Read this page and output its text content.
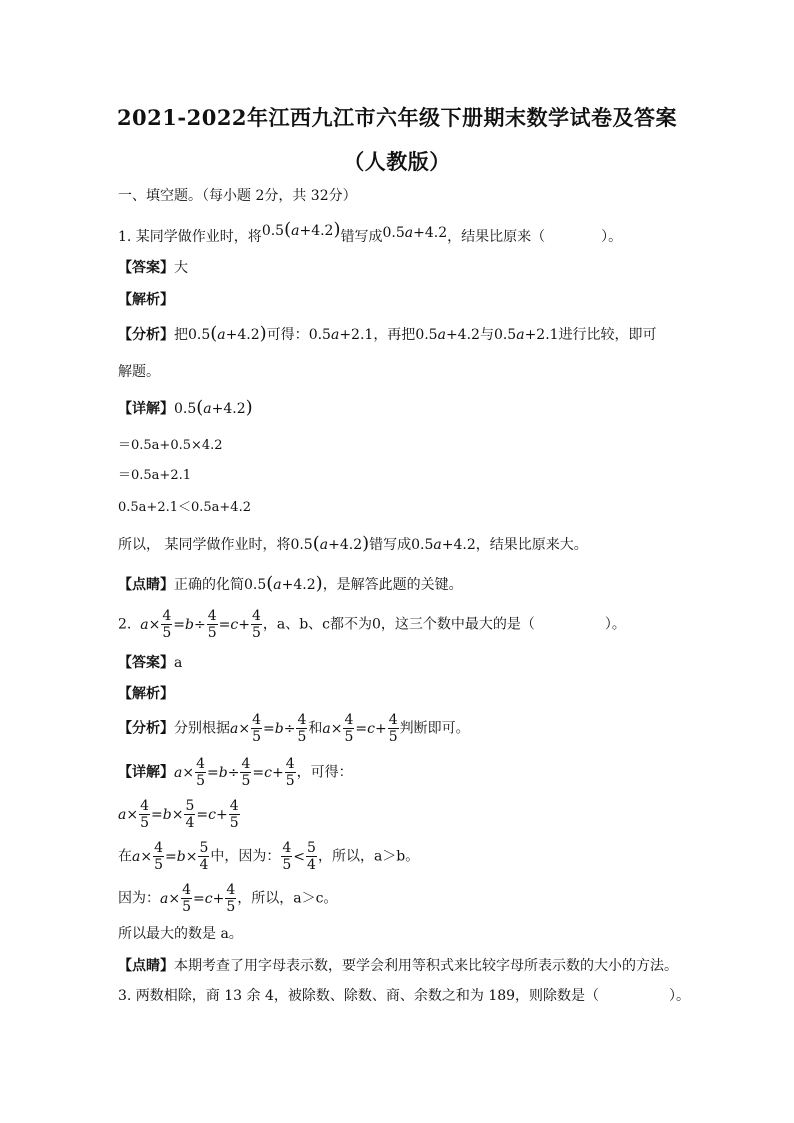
2021-2022年江西九江市六年级下册期末数学试卷及答案
（人教版）
一、填空题。（每小题 2分，共 32分）
1. 某同学做作业时，将0.5(a+4.2)错写成0.5a+4.2，结果比原来（　　　　）。
【答案】大
【解析】
【分析】把0.5(a+4.2)可得：0.5a+2.1，再把0.5a+4.2与0.5a+2.1进行比较，即可
解题。
【详解】0.5(a+4.2)
＝0.5a+0.5×4.2
＝0.5a+2.1
0.5a+2.1＜0.5a+4.2
所以， 某同学做作业时，将0.5(a+4.2)错写成0.5a+4.2，结果比原来大。
【点睛】正确的化简0.5(a+4.2)，是解答此题的关键。
2. $a\times \frac{4}{5} =b\div \frac{4}{5} =c+ \frac{4}{5}$ ，a、b、c都不为0，这三个数中最大的是（　　　　　）。
【答案】a
【解析】
【分析】分别根据$a\times \frac{4}{5} =b\div \frac{4}{5}$ 和$a\times \frac{4}{5} =c+ \frac{4}{5}$ 判断即可。
【详解】$a\times \frac{4}{5} =b\div \frac{4}{5} =c+ \frac{4}{5}$ ，可得：
$a\times \frac{4}{5} =b\times \frac{5}{4} =c+ \frac{4}{5}$
在$a\times \frac{4}{5} =b\times \frac{5}{4}$ 中，因为： $\frac{4}{5} < \frac{5}{4}$ ，所以，a＞b。
因为：$a\times \frac{4}{5} =c+ \frac{4}{5}$ ，所以，a＞c。
所以最大的数是 a。
【点睛】本期考查了用字母表示数，要学会利用等积式来比较字母所表示数的大小的方法。
3. 两数相除，商 13 余 4，被除数、除数、商、余数之和为 189，则除数是（　　　　　）。
